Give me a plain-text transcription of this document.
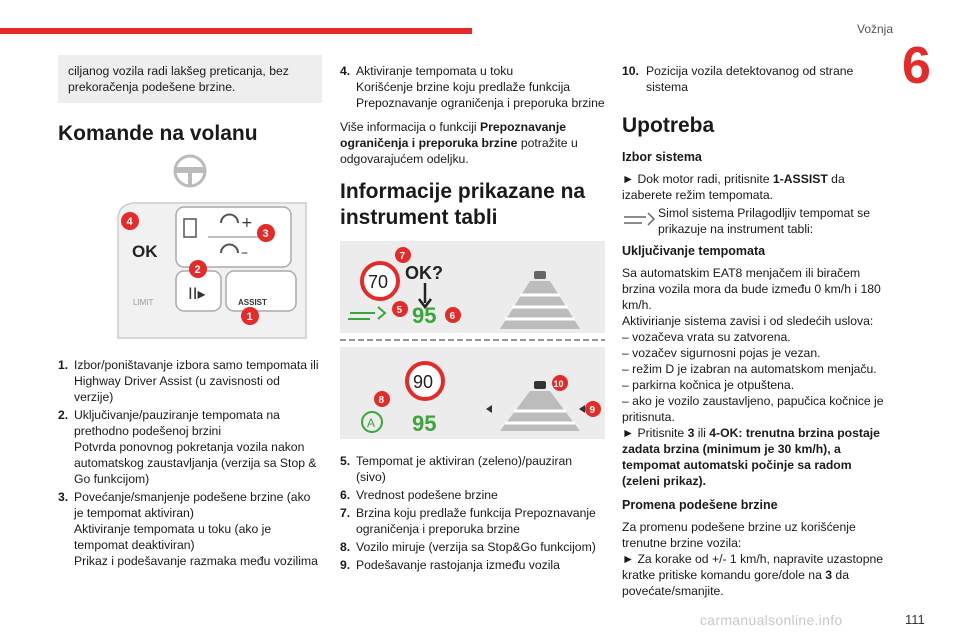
Vožnja
6

ciljanog vozila radi lakšeg preticanja, bez prekoračenja podešene brzine.

Komande na volanu
+
–
OK
II▸	ASSIST
LIMIT
4
3
2
1
1. Izbor/poništavanje izbora samo tempomata ili Highway Driver Assist (u zavisnosti od verzije)
2. Uključivanje/pauziranje tempomata na prethodno podešenoj brzini
Potvrda ponovnog pokretanja vozila nakon automatskog zaustavljanja (verzija sa Stop & Go funkcijom)
3. Povećanje/smanjenje podešene brzine (ako je tempomat aktiviran)
Aktiviranje tempomata u toku (ako je tempomat deaktiviran)
Prikaz i podešavanje razmaka među vozilima
4. Aktiviranje tempomata u toku
Korišćenje brzine koju predlaže funkcija Prepoznavanje ograničenja i preporuka brzine

Više informacija o funkciji Prepoznavanje ograničenja i preporuka brzine potražite u odgovarajućem odeljku.

Informacije prikazane na instrument tabli
70 OK?
95
7
5
6
90
A 95
8
10
9
5. Tempomat je aktiviran (zeleno)/pauziran (sivo)
6. Vrednost podešene brzine
7. Brzina koju predlaže funkcija Prepoznavanje ograničenja i preporuka brzine
8. Vozilo miruje (verzija sa Stop&Go funkcijom)
9. Podešavanje rastojanja između vozila
10. Pozicija vozila detektovanog od strane sistema
Upotreba
Izbor sistema

► Dok motor radi, pritisnite 1-ASSIST da izaberete režim tempomata.

Simol sistema Prilagodljiv tempomat se prikazuje na instrument tabli:

Uključivanje tempomata

Sa automatskim EAT8 menjačem ili biračem brzina vozila mora da bude između 0 km/h i 180 km/h.

Aktivirianje sistema zavisi i od sledećih uslova:

– vozačeva vrata su zatvorena.

– vozačev sigurnosni pojas je vezan.

– režim D je izabran na automatskom menjaču.

– parkirna kočnica je otpuštena.

– ako je vozilo zaustavljeno, papučica kočnice je pritisnuta.

► Pritisnite 3 ili 4-OK: trenutna brzina postaje zadata brzina (minimum je 30 km/h), a tempomat automatski počinje sa radom (zeleni prikaz).

Promena podešene brzine

Za promenu podešene brzine uz korišćenje trenutne brzine vozila:

► Za korake od +/- 1 km/h, napravite uzastopne kratke pritiske komandu gore/dole na 3 da povećate/smanjite.

carmanualsonline.info	111
